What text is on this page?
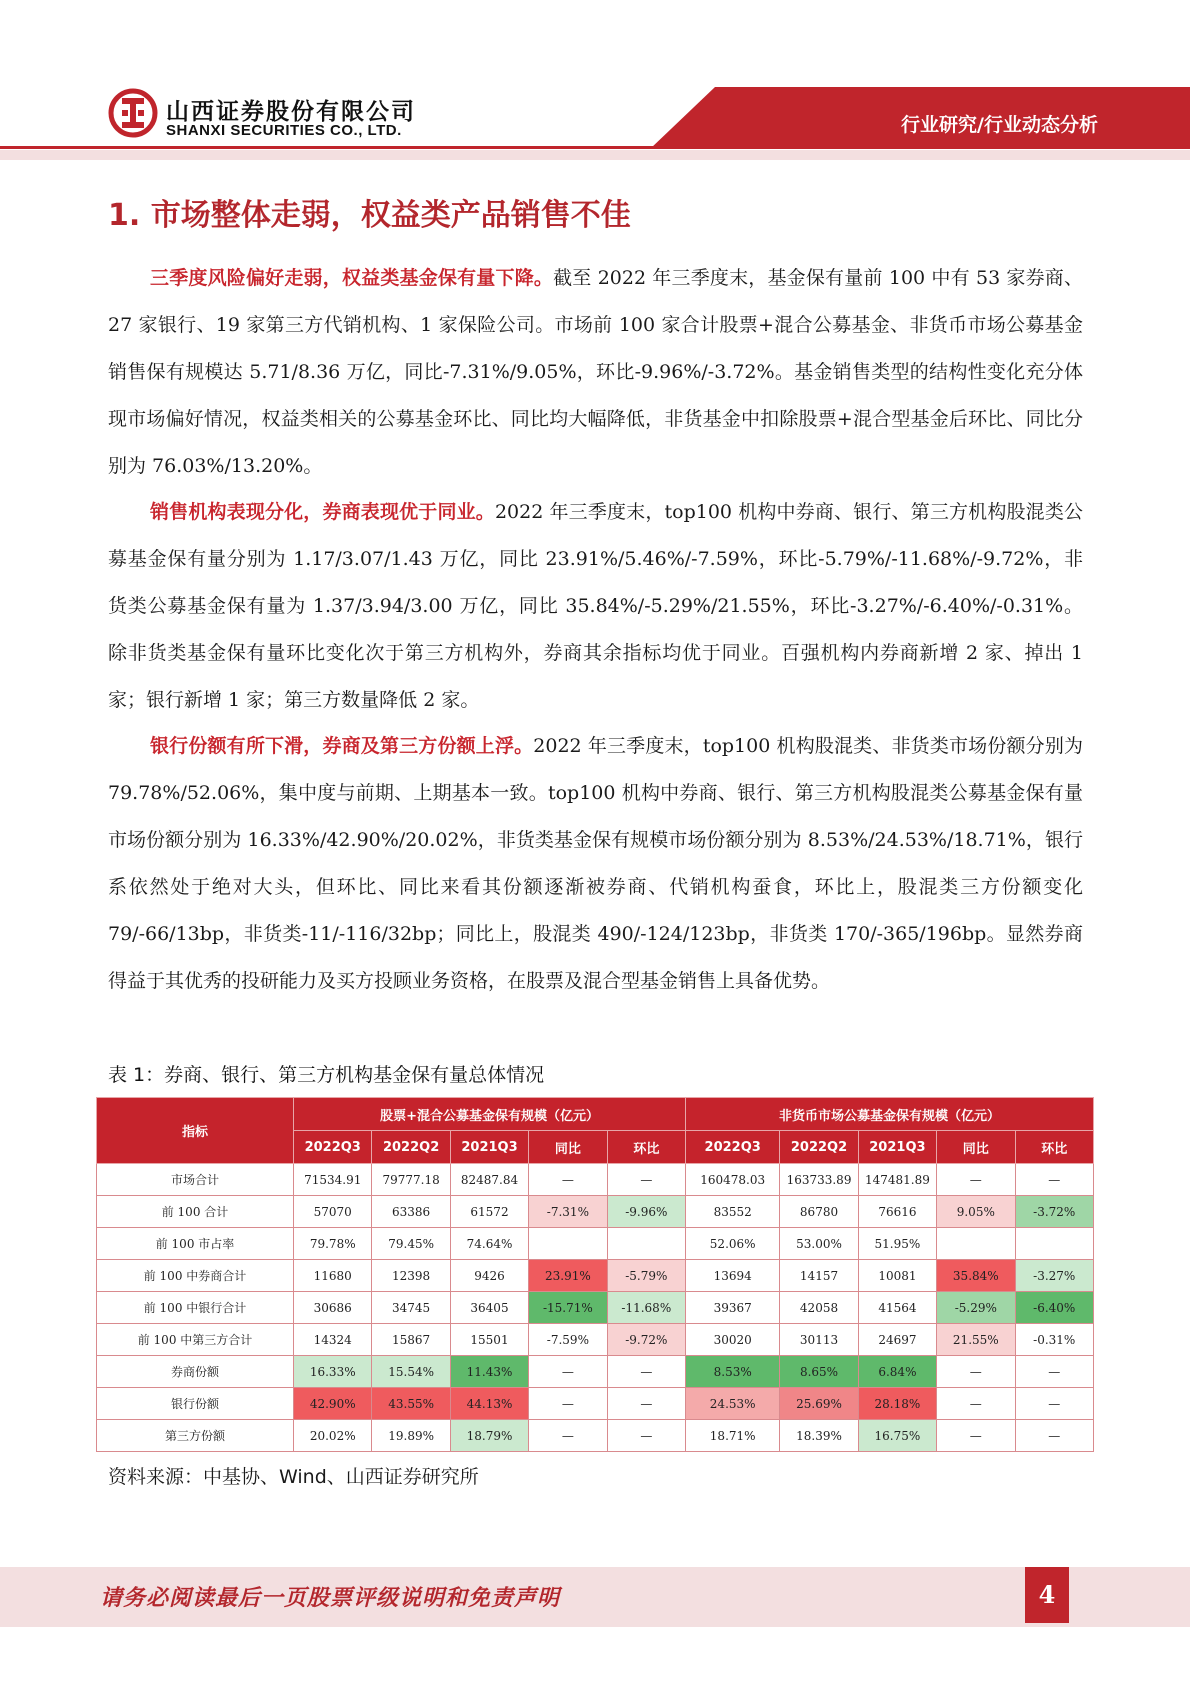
山西证券股份有限公司
SHANXI SECURITIES CO., LTD.	行业研究/行业动态分析
1. 市场整体走弱，权益类产品销售不佳

三季度风险偏好走弱，权益类基金保有量下降。截至 2022 年三季度末，基金保有量前 100 中有 53 家券商、27 家银行、19 家第三方代销机构、1 家保险公司。市场前 100 家合计股票+混合公募基金、非货币市场公募基金销售保有规模达 5.71/8.36 万亿，同比-7.31%/9.05%，环比-9.96%/-3.72%。基金销售类型的结构性变化充分体现市场偏好情况，权益类相关的公募基金环比、同比均大幅降低，非货基金中扣除股票+混合型基金后环比、同比分别为 76.03%/13.20%。

销售机构表现分化，券商表现优于同业。2022 年三季度末，top100 机构中券商、银行、第三方机构股混类公募基金保有量分别为 1.17/3.07/1.43 万亿，同比 23.91%/5.46%/-7.59%，环比-5.79%/-11.68%/-9.72%，非货类公募基金保有量为 1.37/3.94/3.00 万亿，同比 35.84%/-5.29%/21.55%，环比-3.27%/-6.40%/-0.31%。除非货类基金保有量环比变化次于第三方机构外，券商其余指标均优于同业。百强机构内券商新增 2 家、掉出 1 家；银行新增 1 家；第三方数量降低 2 家。

银行份额有所下滑，券商及第三方份额上浮。2022 年三季度末，top100 机构股混类、非货类市场份额分别为 79.78%/52.06%，集中度与前期、上期基本一致。top100 机构中券商、银行、第三方机构股混类公募基金保有量市场份额分别为 16.33%/42.90%/20.02%，非货类基金保有规模市场份额分别为 8.53%/24.53%/18.71%，银行系依然处于绝对大头，但环比、同比来看其份额逐渐被券商、代销机构蚕食，环比上，股混类三方份额变化 79/-66/13bp，非货类-11/-116/32bp；同比上，股混类 490/-124/123bp，非货类 170/-365/196bp。显然券商得益于其优秀的投研能力及买方投顾业务资格，在股票及混合型基金销售上具备优势。

表 1：券商、银行、第三方机构基金保有量总体情况
指标	股票+混合公募基金保有规模（亿元）					非货币市场公募基金保有规模（亿元）				
	2022Q3	2022Q2	2021Q3	同比	环比	2022Q3	2022Q2	2021Q3	同比	环比
市场合计	71534.91	79777.18	82487.84	—	—	160478.03	163733.89	147481.89	—	—
前 100 合计	57070	63386	61572	-7.31%	-9.96%	83552	86780	76616	9.05%	-3.72%
前 100 市占率	79.78%	79.45%	74.64%			52.06%	53.00%	51.95%		
前 100 中券商合计	11680	12398	9426	23.91%	-5.79%	13694	14157	10081	35.84%	-3.27%
前 100 中银行合计	30686	34745	36405	-15.71%	-11.68%	39367	42058	41564	-5.29%	-6.40%
前 100 中第三方合计	14324	15867	15501	-7.59%	-9.72%	30020	30113	24697	21.55%	-0.31%
券商份额	16.33%	15.54%	11.43%	—	—	8.53%	8.65%	6.84%	—	—
银行份额	42.90%	43.55%	44.13%	—	—	24.53%	25.69%	28.18%	—	—
第三方份额	20.02%	19.89%	18.79%	—	—	18.71%	18.39%	16.75%	—	—
资料来源：中基协、Wind、山西证券研究所
请务必阅读最后一页股票评级说明和免责声明	4
